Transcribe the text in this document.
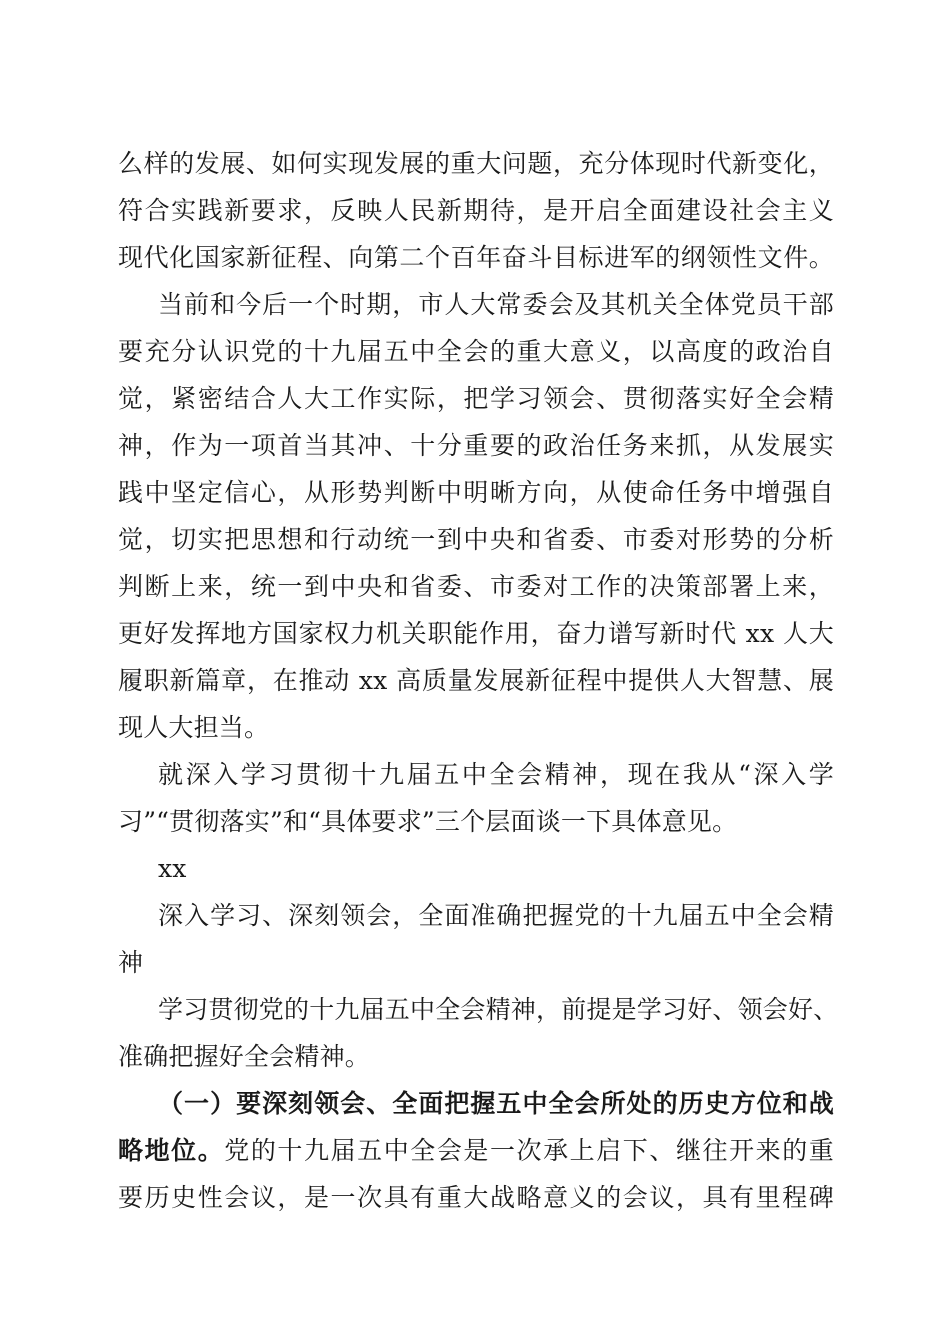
么样的发展、如何实现发展的重大问题，充分体现时代新变化，
符合实践新要求，反映人民新期待，是开启全面建设社会主义
现代化国家新征程、向第二个百年奋斗目标进军的纲领性文件。
当前和今后一个时期，市人大常委会及其机关全体党员干部
要充分认识党的十九届五中全会的重大意义，以高度的政治自
觉，紧密结合人大工作实际，把学习领会、贯彻落实好全会精
神，作为一项首当其冲、十分重要的政治任务来抓，从发展实
践中坚定信心，从形势判断中明晰方向，从使命任务中增强自
觉，切实把思想和行动统一到中央和省委、市委对形势的分析
判断上来，统一到中央和省委、市委对工作的决策部署上来，
更好发挥地方国家权力机关职能作用，奋力谱写新时代 xx 人大
履职新篇章，在推动 xx 高质量发展新征程中提供人大智慧、展
现人大担当。
就深入学习贯彻十九届五中全会精神，现在我从“深入学
习”“贯彻落实”和“具体要求”三个层面谈一下具体意见。
xx
深入学习、深刻领会，全面准确把握党的十九届五中全会精
神
学习贯彻党的十九届五中全会精神，前提是学习好、领会好、
准确把握好全会精神。
（一）要深刻领会、全面把握五中全会所处的历史方位和战
略地位。党的十九届五中全会是一次承上启下、继往开来的重
要历史性会议，是一次具有重大战略意义的会议，具有里程碑
